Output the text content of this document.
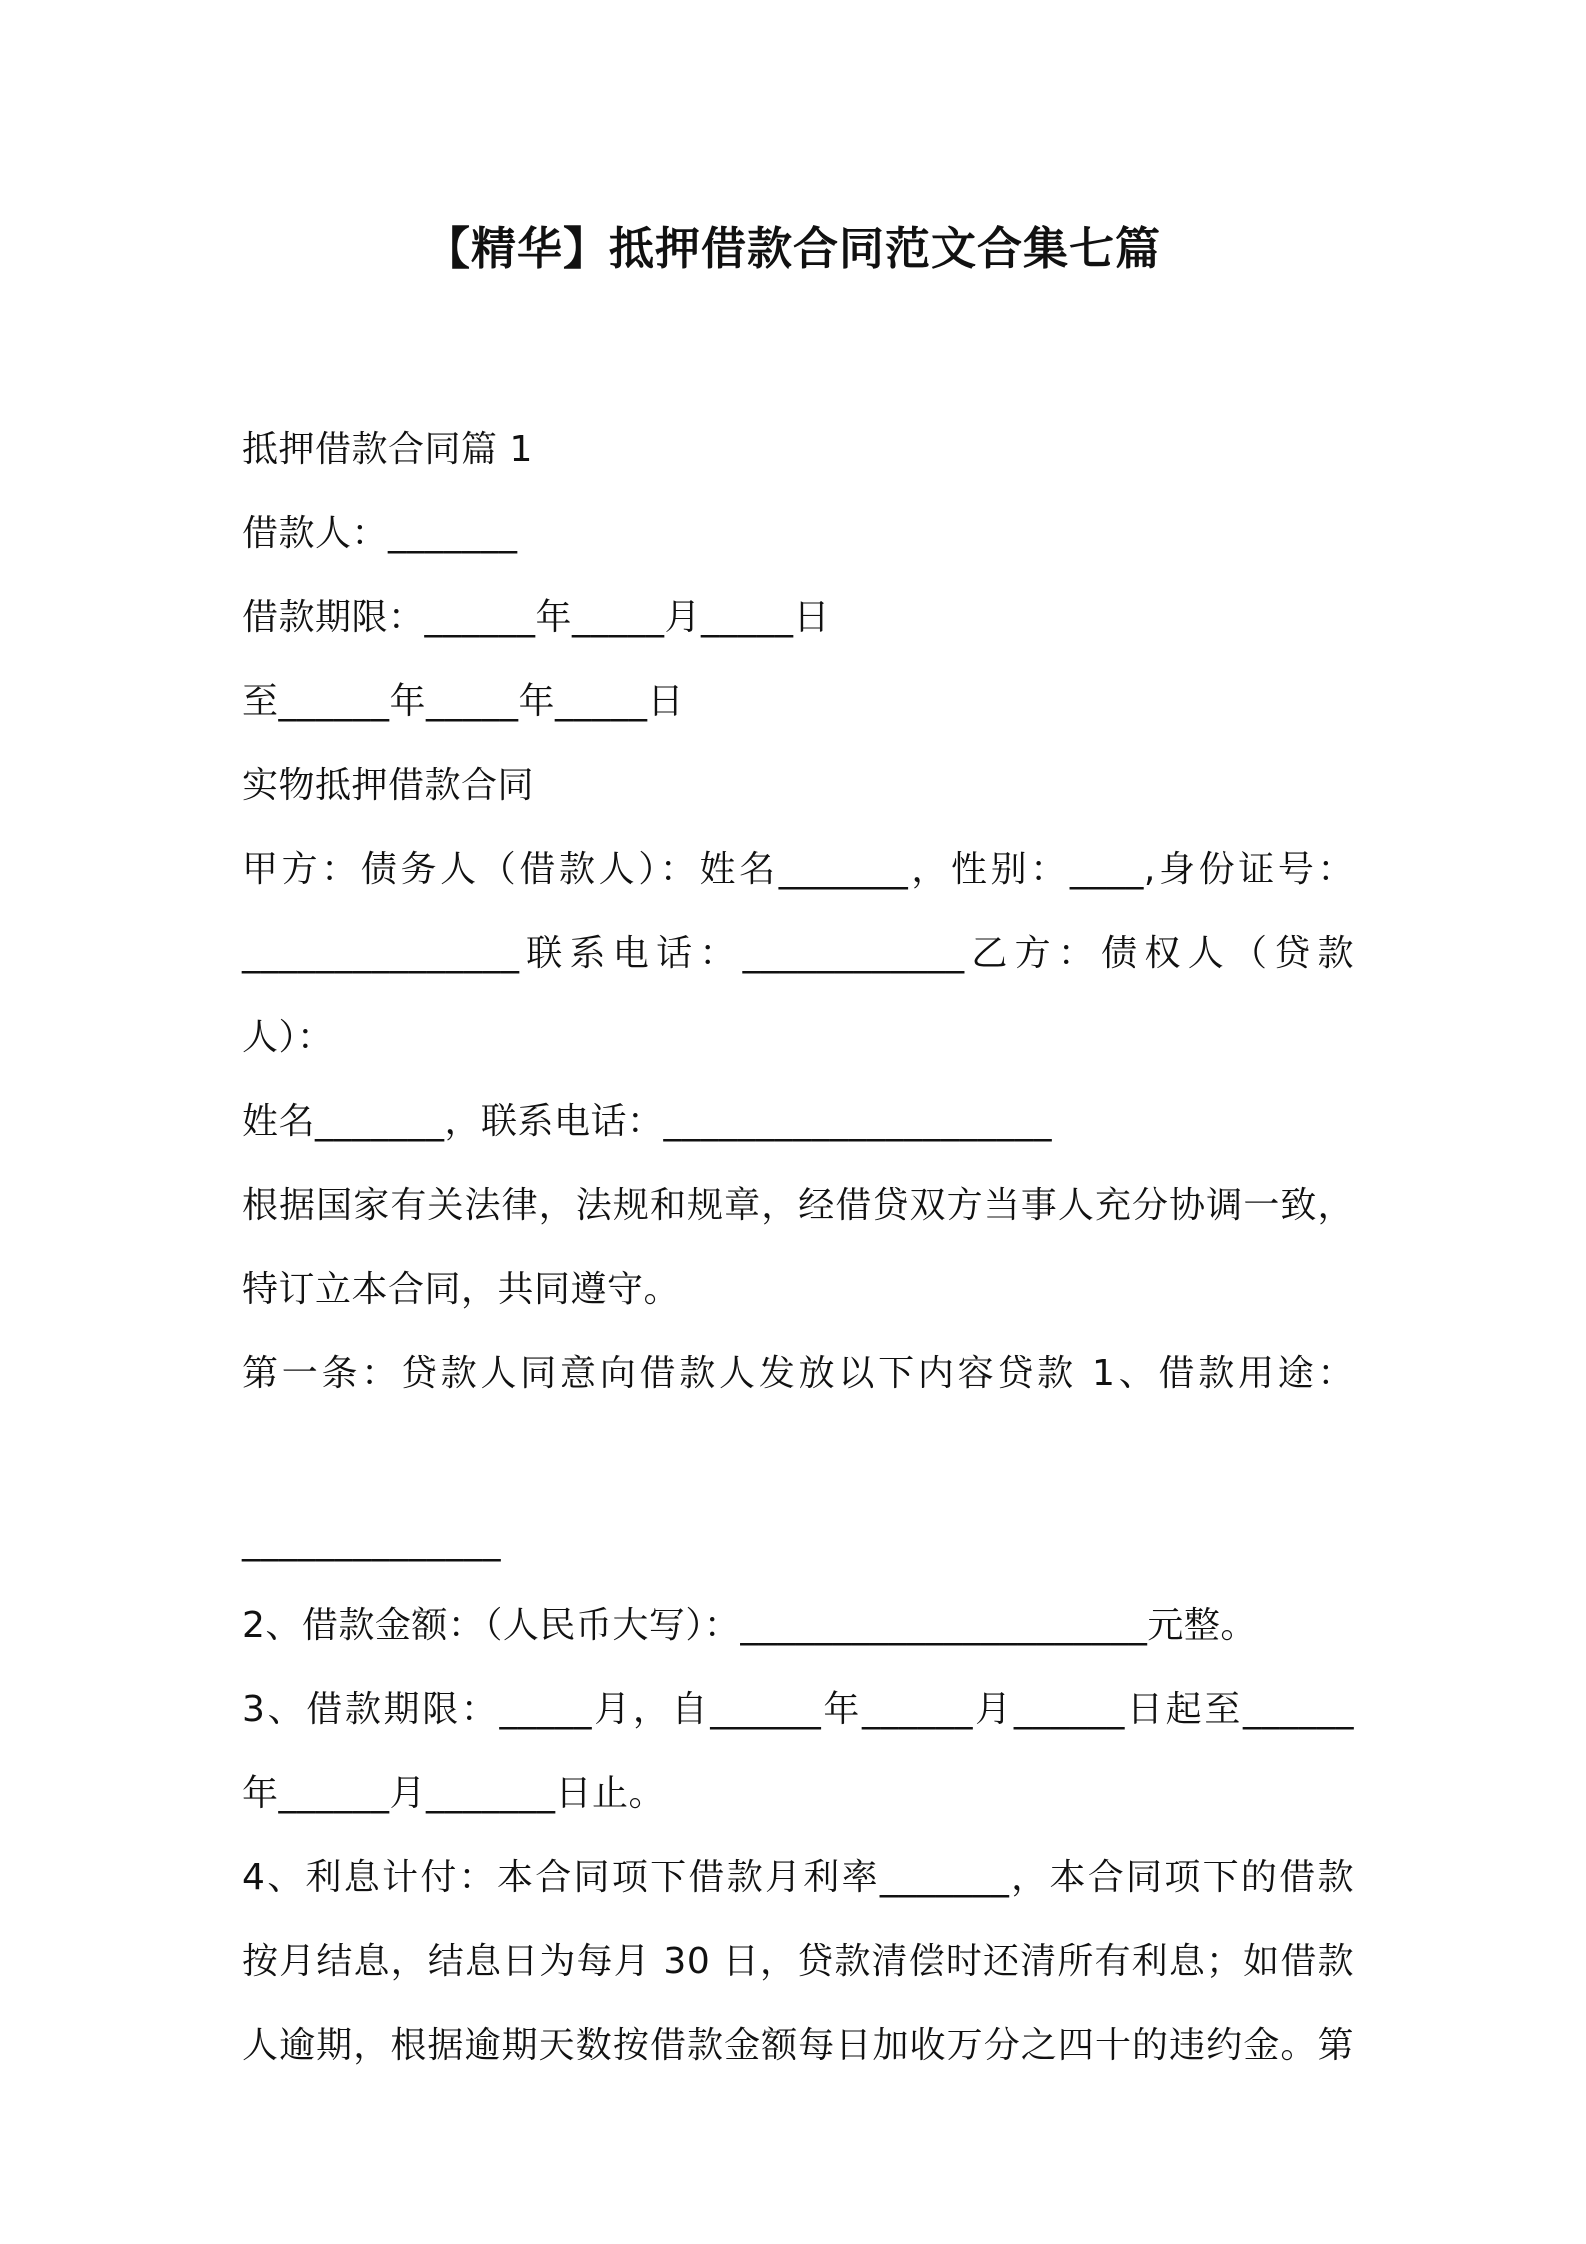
【精华】抵押借款合同范文合集七篇
抵押借款合同篇 1
借款人：_______
借款期限：______年_____月_____日
至______年_____年_____日
实物抵押借款合同
甲方：债务人（借款人）：姓名_______，性别：____,身份证号：
_______________联系电话：____________乙方：债权人（贷款
人）：
姓名_______，联系电话：_____________________
根据国家有关法律，法规和规章，经借贷双方当事人充分协调一致，
特订立本合同，共同遵守。
第一条：贷款人同意向借款人发放以下内容贷款 1、借款用途：
______________
2、借款金额：（人民币大写）：______________________元整。
3、借款期限：_____月，自______年______月______日起至______
年______月_______日止。
4、利息计付：本合同项下借款月利率_______，本合同项下的借款
按月结息，结息日为每月 30 日，贷款清偿时还清所有利息；如借款
人逾期，根据逾期天数按借款金额每日加收万分之四十的违约金。第
